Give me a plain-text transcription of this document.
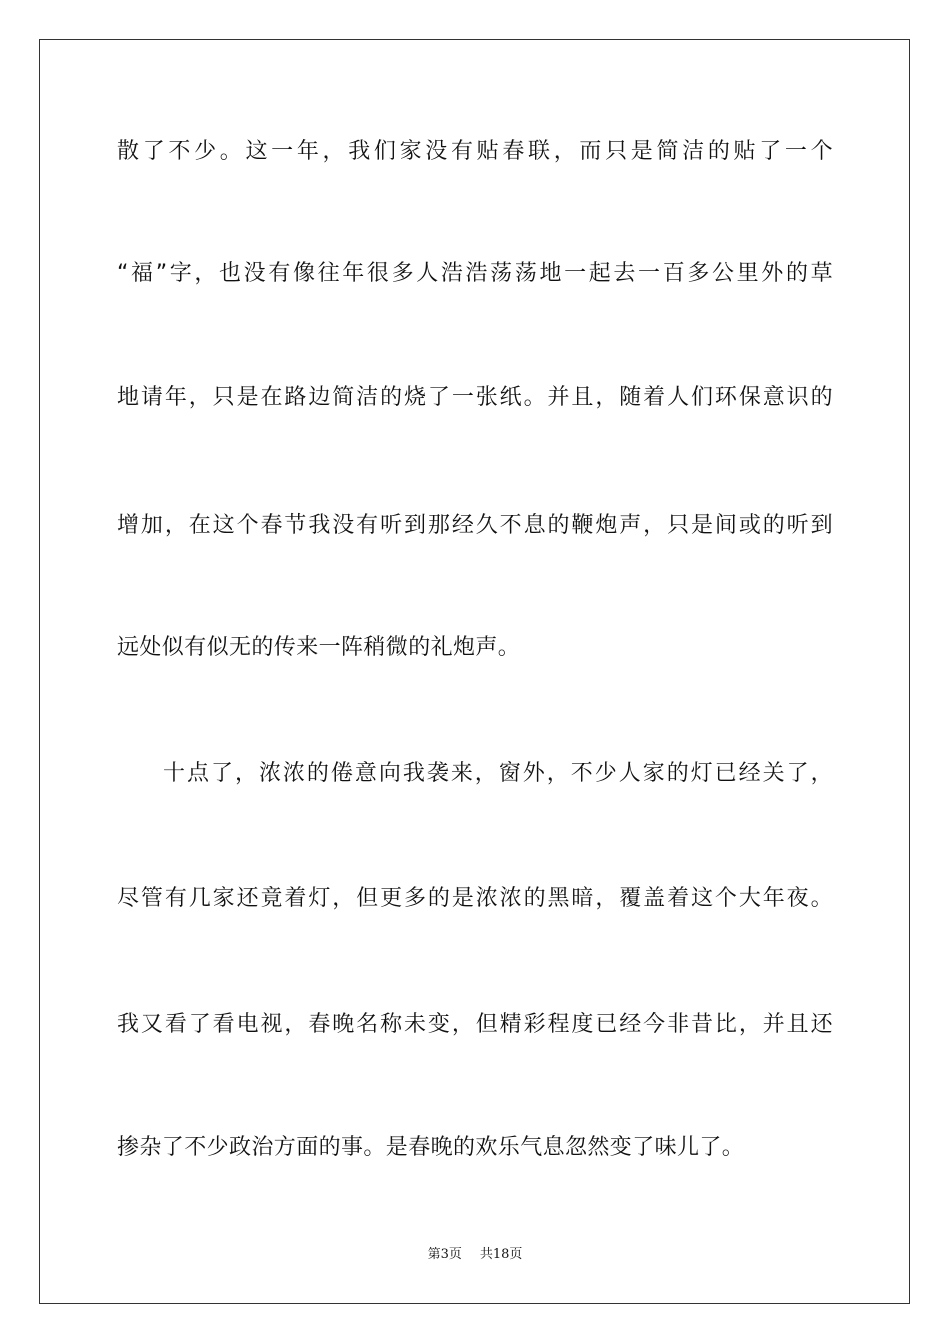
散了不少。这一年，我们家没有贴春联，而只是简洁的贴了一个
“福”字，也没有像往年很多人浩浩荡荡地一起去一百多公里外的草
地请年，只是在路边简洁的烧了一张纸。并且，随着人们环保意识的
增加，在这个春节我没有听到那经久不息的鞭炮声，只是间或的听到
远处似有似无的传来一阵稍微的礼炮声。
十点了，浓浓的倦意向我袭来，窗外，不少人家的灯已经关了，
尽管有几家还竟着灯，但更多的是浓浓的黑暗，覆盖着这个大年夜。
我又看了看电视，春晚名称未变，但精彩程度已经今非昔比，并且还
掺杂了不少政治方面的事。是春晚的欢乐气息忽然变了味儿了。
第3页 共18页
